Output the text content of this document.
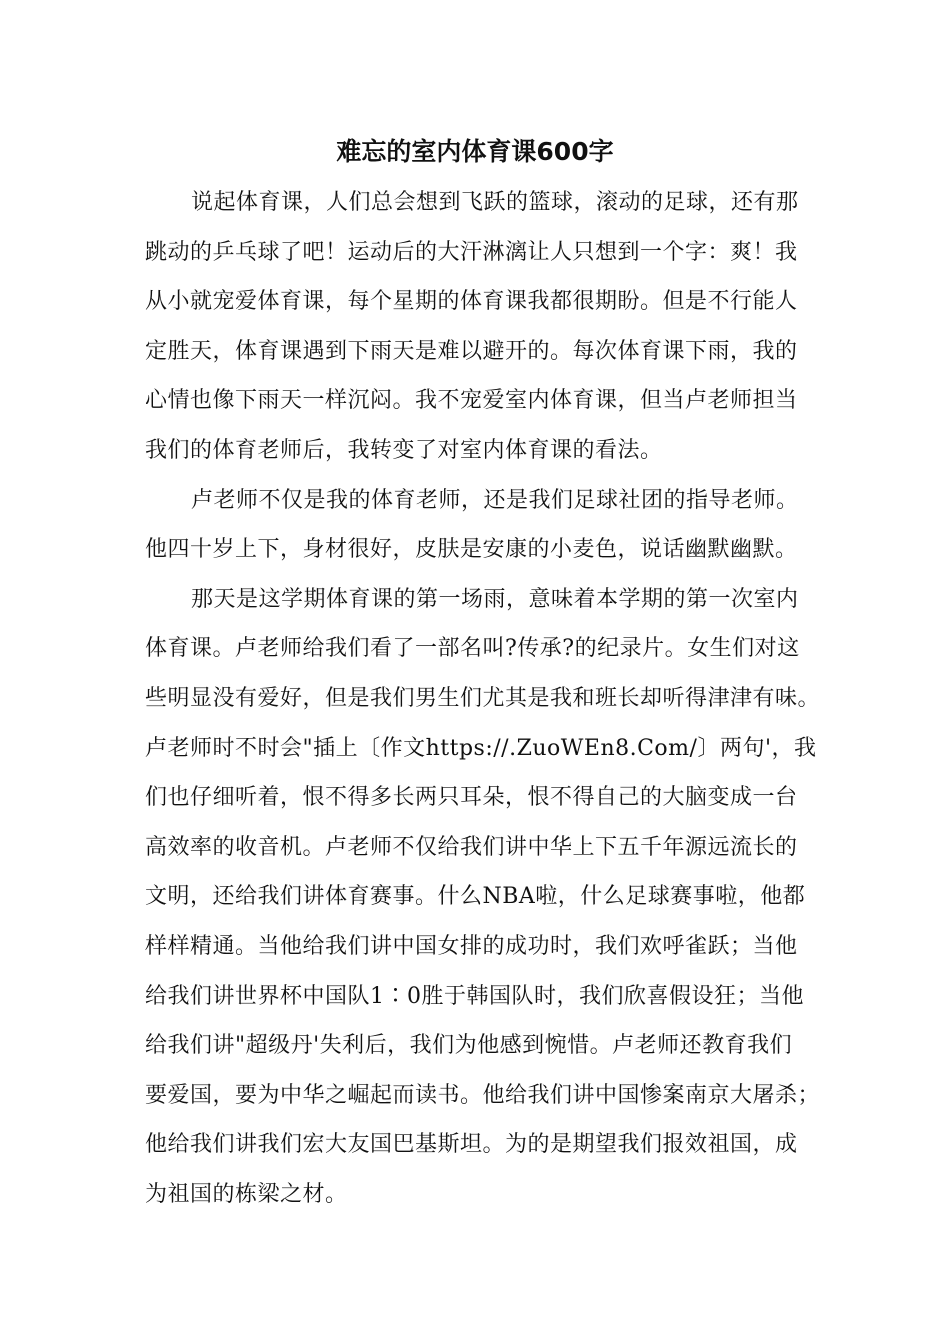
难忘的室内体育课600字

说起体育课，人们总会想到飞跃的篮球，滚动的足球，还有那
跳动的乒乓球了吧！运动后的大汗淋漓让人只想到一个字：爽！我
从小就宠爱体育课，每个星期的体育课我都很期盼。但是不行能人
定胜天，体育课遇到下雨天是难以避开的。每次体育课下雨，我的
心情也像下雨天一样沉闷。我不宠爱室内体育课，但当卢老师担当
我们的体育老师后，我转变了对室内体育课的看法。

卢老师不仅是我的体育老师，还是我们足球社团的指导老师。
他四十岁上下，身材很好，皮肤是安康的小麦色，说话幽默幽默。

那天是这学期体育课的第一场雨，意味着本学期的第一次室内
体育课。卢老师给我们看了一部名叫?传承?的纪录片。女生们对这
些明显没有爱好，但是我们男生们尤其是我和班长却听得津津有味。
卢老师时不时会"插上〔作文https://.ZuoWEn8.Com/〕两句'，我
们也仔细听着，恨不得多长两只耳朵，恨不得自己的大脑变成一台
高效率的收音机。卢老师不仅给我们讲中华上下五千年源远流长的
文明，还给我们讲体育赛事。什么NBA啦，什么足球赛事啦，他都
样样精通。当他给我们讲中国女排的成功时，我们欢呼雀跃；当他
给我们讲世界杯中国队1∶0胜于韩国队时，我们欣喜假设狂；当他
给我们讲"超级丹'失利后，我们为他感到惋惜。卢老师还教育我们
要爱国，要为中华之崛起而读书。他给我们讲中国惨案南京大屠杀；
他给我们讲我们宏大友国巴基斯坦。为的是期望我们报效祖国，成
为祖国的栋梁之材。
